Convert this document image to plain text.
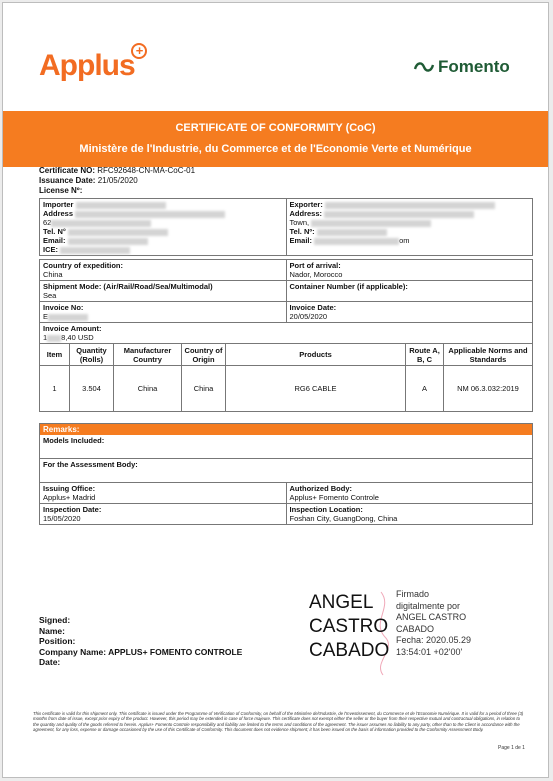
Applus +
Fomento
CERTIFICATE OF CONFORMITY (CoC)
Ministère de l'Industrie, du Commerce et de l'Economie Verte et Numérique
Certificate NO: RFC92648-CN-MA-CoC-01
Issuance Date: 21/05/2020
License Nº:
Importer
Address
62
Tel. N°
Email:
ICE:
Exporter:
Address:
Town,
Tel. Nº:
Email:	om
Country of expedition:
China
Port of arrival:
Nador, Morocco
Shipment Mode: (Air/Rail/Road/Sea/Multimodal)
Sea
Container Number (if applicable):

Invoice No:
E
Invoice Date:
20/05/2020
Invoice Amount:
1 8,40 USD
Item	Quantity (Rolls)	Manufacturer Country	Country of Origin	Products	Route A, B, C	Applicable Norms and Standards
1	3.504	China	China	RG6 CABLE	A	NM 06.3.032:2019
Remarks:
Models Included:
For the Assessment Body:
Issuing Office:
Applus+ Madrid
Authorized Body:
Applus+ Fomento Controle
Inspection Date:
15/05/2020
Inspection Location:
Foshan City, GuangDong, China
Signed:
Name:
Position:
Company Name: APPLUS+ FOMENTO CONTROLE
Date:
ANGEL
CASTRO
CABADO
Firmado
digitalmente por
ANGEL CASTRO
CABADO
Fecha: 2020.05.29
13:54:01 +02'00'
This certificate is valid for this shipment only. This certificate is issued under the Programme of Verification of Conformity, on behalf of the Ministère del'Industrie, de l'Investissement, du Commerce et de l'Economie Numérique. It is valid for a period of three (3) months from date of issue, except prior expiry of the product. However, this period may be extended in case of force majeure. This certificate does not exempt either the seller or the buyer from their respective mutual and contractual obligations, in relation to the quantity and quality of the goods referred to herein. Applus+ Fomento Controle responsibility and liability are limited to the terms and conditions of the agreement. The issuer assumes no liability to any party, other than to the Client in accordance with the agreement, for any loss, expense or damage occasioned by the use of this Certificate of Conformity. This document does not evidence shipment; it has been issued on the basis of information provided to the Conformity Assessment Body.
Page 1 de 1
